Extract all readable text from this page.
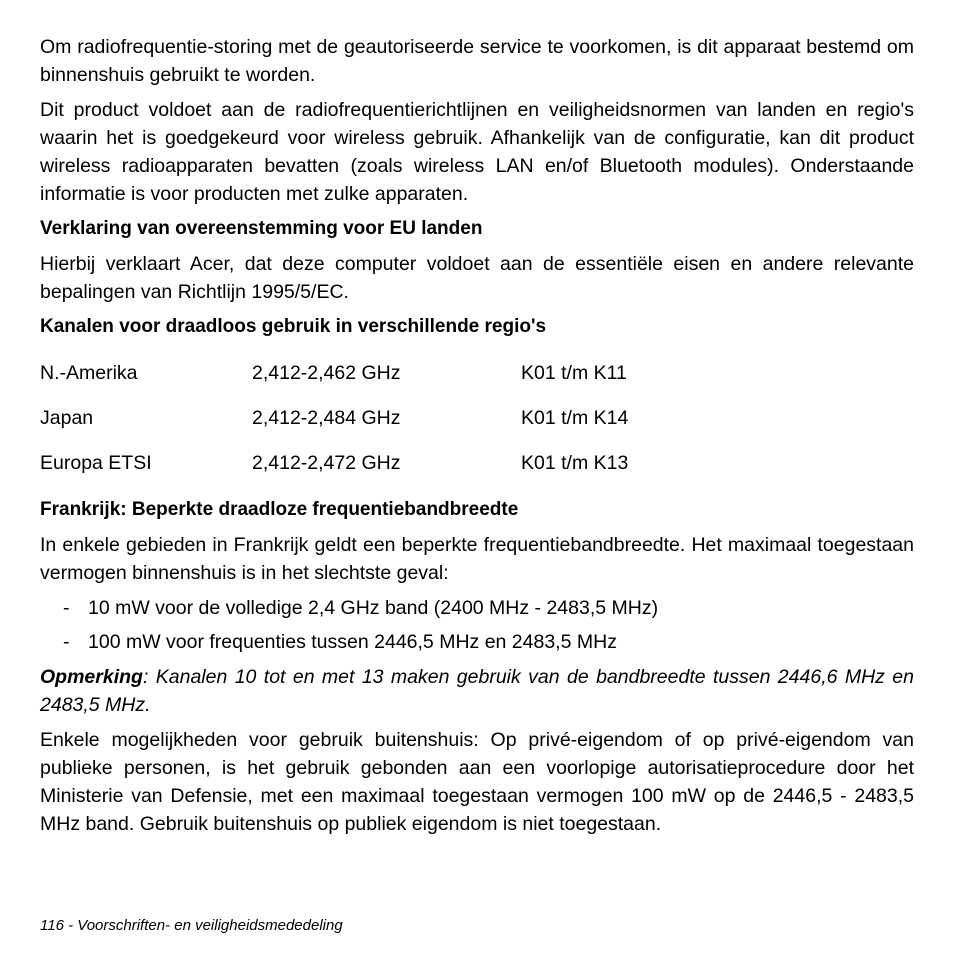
Om radiofrequentie-storing met de geautoriseerde service te voorkomen, is dit apparaat bestemd om binnenshuis gebruikt te worden.

Dit product voldoet aan de radiofrequentierichtlijnen en veiligheidsnormen van landen en regio's waarin het is goedgekeurd voor wireless gebruik. Afhankelijk van de configuratie, kan dit product wireless radioapparaten bevatten (zoals wireless LAN en/of Bluetooth modules). Onderstaande informatie is voor producten met zulke apparaten.

Verklaring van overeenstemming voor EU landen

Hierbij verklaart Acer, dat deze computer voldoet aan de essentiële eisen en andere relevante bepalingen van Richtlijn 1995/5/EC.

Kanalen voor draadloos gebruik in verschillende regio's
N.-Amerika	2,412-2,462 GHz	K01 t/m K11
Japan	2,412-2,484 GHz	K01 t/m K14
Europa ETSI	2,412-2,472 GHz	K01 t/m K13
Frankrijk: Beperkte draadloze frequentiebandbreedte

In enkele gebieden in Frankrijk geldt een beperkte frequentiebandbreedte. Het maximaal toegestaan vermogen binnenshuis is in het slechtste geval:

- 10 mW voor de volledige 2,4 GHz band (2400 MHz - 2483,5 MHz)
- 100 mW voor frequenties tussen 2446,5 MHz en 2483,5 MHz

Opmerking: Kanalen 10 tot en met 13 maken gebruik van de bandbreedte tussen 2446,6 MHz en 2483,5 MHz.

Enkele mogelijkheden voor gebruik buitenshuis: Op privé-eigendom of op privé-eigendom van publieke personen, is het gebruik gebonden aan een voorlopige autorisatieprocedure door het Ministerie van Defensie, met een maximaal toegestaan vermogen 100 mW op de 2446,5 - 2483,5 MHz band. Gebruik buitenshuis op publiek eigendom is niet toegestaan.

116 - Voorschriften- en veiligheidsmededeling
